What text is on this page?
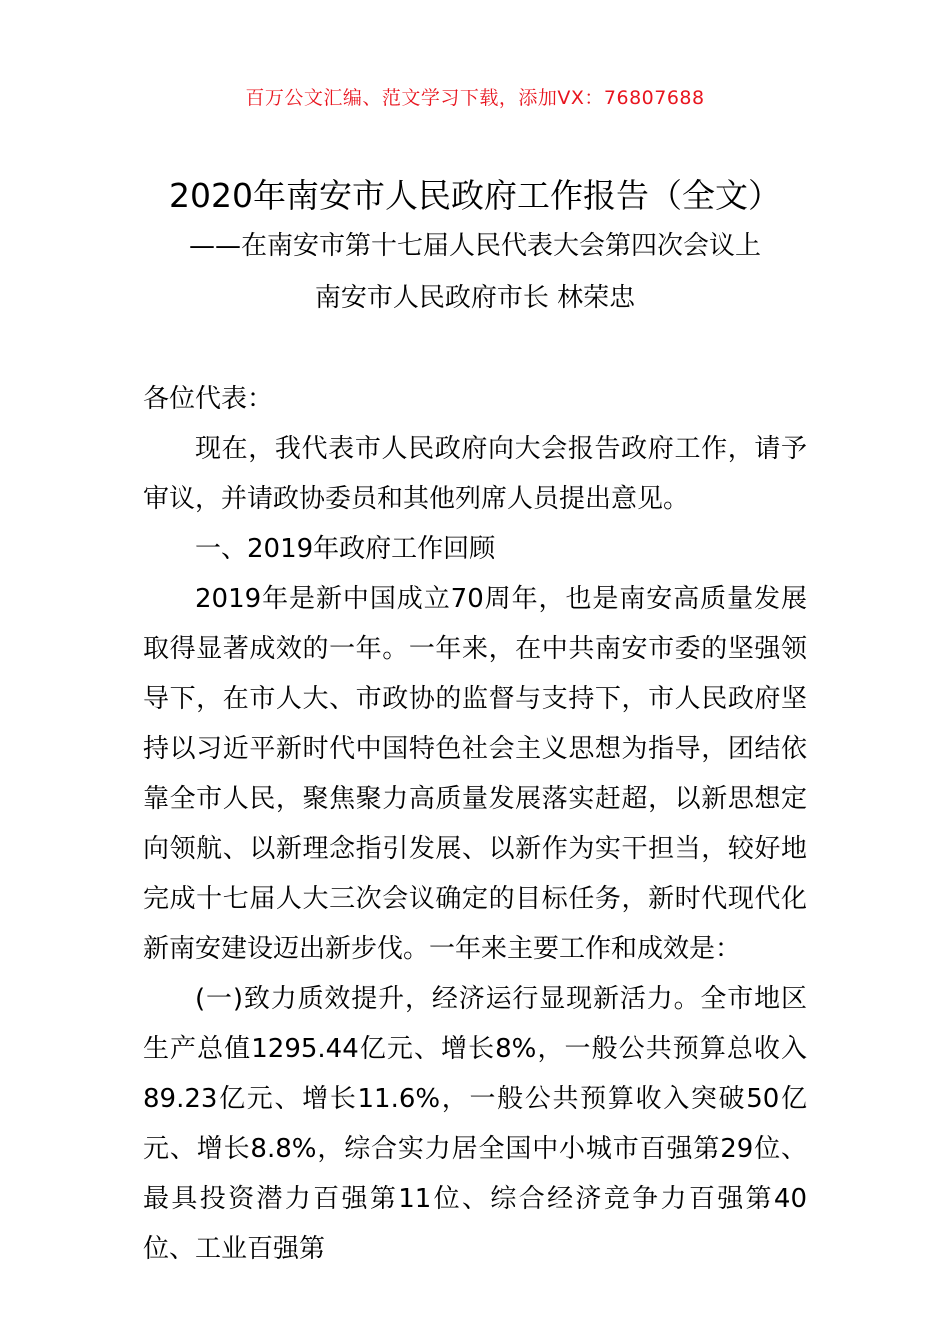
百万公文汇编、范文学习下载，添加VX：76807688
2020年南安市人民政府工作报告（全文）
——在南安市第十七届人民代表大会第四次会议上
南安市人民政府市长 林荣忠

各位代表：

现在，我代表市人民政府向大会报告政府工作，请予审议，并请政协委员和其他列席人员提出意见。

一、2019年政府工作回顾

2019年是新中国成立70周年，也是南安高质量发展取得显著成效的一年。一年来，在中共南安市委的坚强领导下，在市人大、市政协的监督与支持下，市人民政府坚持以习近平新时代中国特色社会主义思想为指导，团结依靠全市人民，聚焦聚力高质量发展落实赶超，以新思想定向领航、以新理念指引发展、以新作为实干担当，较好地完成十七届人大三次会议确定的目标任务，新时代现代化新南安建设迈出新步伐。一年来主要工作和成效是：

(一)致力质效提升，经济运行显现新活力。全市地区生产总值1295.44亿元、增长8%，一般公共预算总收入89.23亿元、增长11.6%，一般公共预算收入突破50亿元、增长8.8%，综合实力居全国中小城市百强第29位、最具投资潜力百强第11位、综合经济竞争力百强第40位、工业百强第
